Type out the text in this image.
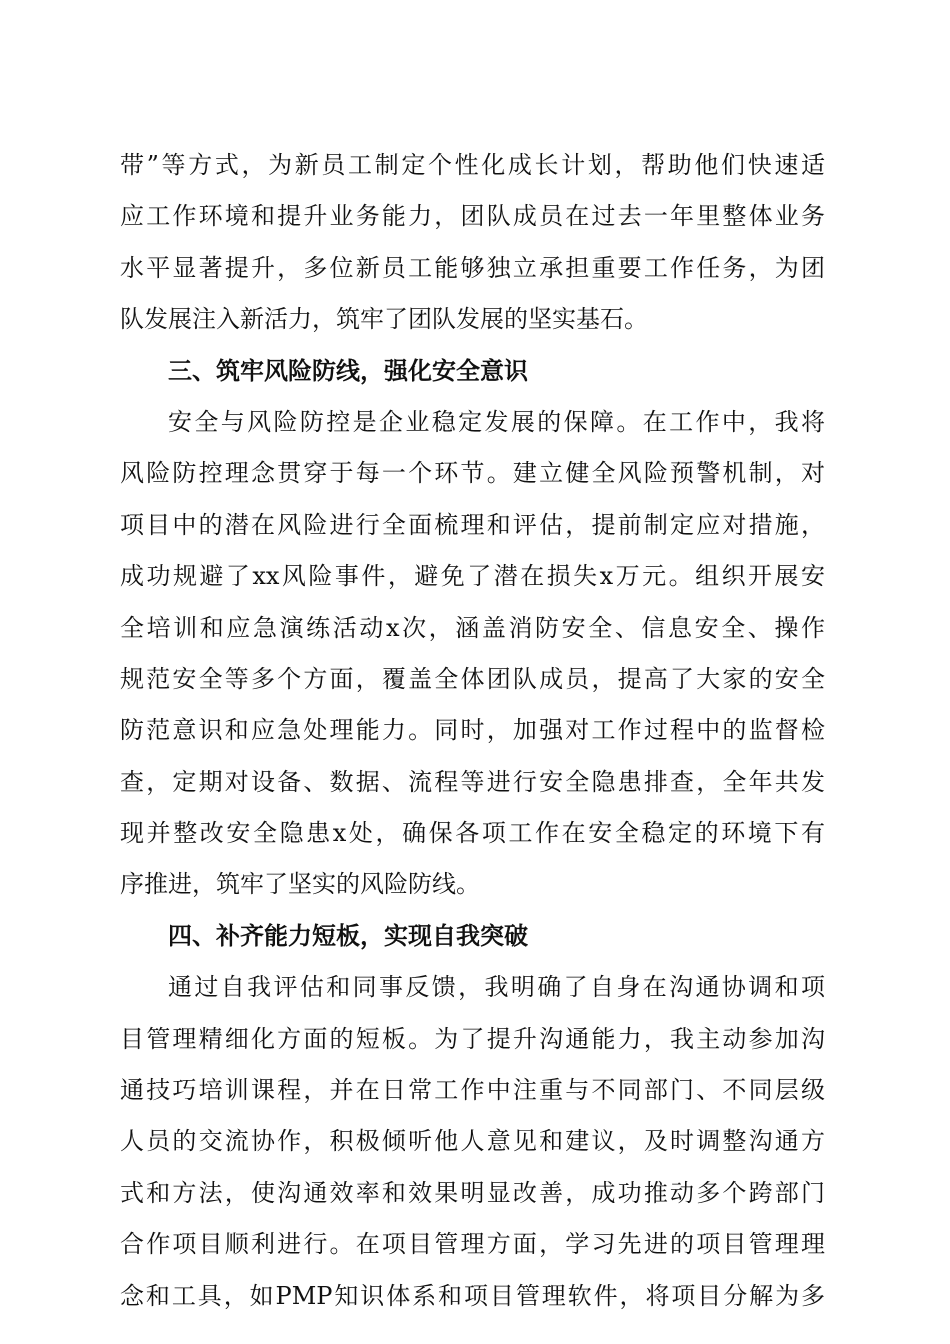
带”等方式，为新员工制定个性化成长计划，帮助他们快速适
应工作环境和提升业务能力，团队成员在过去一年里整体业务
水平显著提升，多位新员工能够独立承担重要工作任务，为团
队发展注入新活力，筑牢了团队发展的坚实基石。
三、筑牢风险防线，强化安全意识
安全与风险防控是企业稳定发展的保障。在工作中，我将
风险防控理念贯穿于每一个环节。建立健全风险预警机制，对
项目中的潜在风险进行全面梳理和评估，提前制定应对措施，
成功规避了xx风险事件，避免了潜在损失x万元。组织开展安
全培训和应急演练活动x次，涵盖消防安全、信息安全、操作
规范安全等多个方面，覆盖全体团队成员，提高了大家的安全
防范意识和应急处理能力。同时，加强对工作过程中的监督检
查，定期对设备、数据、流程等进行安全隐患排查，全年共发
现并整改安全隐患x处，确保各项工作在安全稳定的环境下有
序推进，筑牢了坚实的风险防线。
四、补齐能力短板，实现自我突破
通过自我评估和同事反馈，我明确了自身在沟通协调和项
目管理精细化方面的短板。为了提升沟通能力，我主动参加沟
通技巧培训课程，并在日常工作中注重与不同部门、不同层级
人员的交流协作，积极倾听他人意见和建议，及时调整沟通方
式和方法，使沟通效率和效果明显改善，成功推动多个跨部门
合作项目顺利进行。在项目管理方面，学习先进的项目管理理
念和工具，如PMP知识体系和项目管理软件，将项目分解为多
